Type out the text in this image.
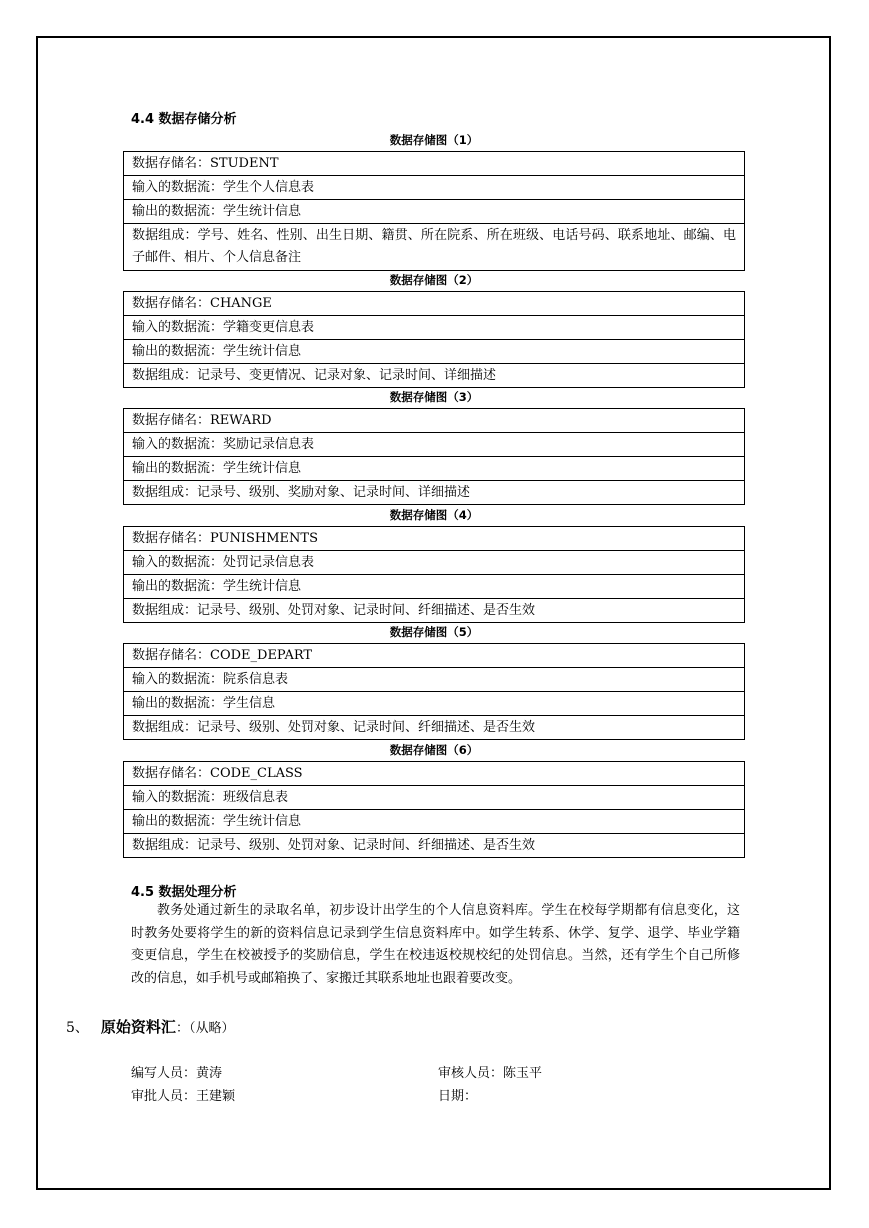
4.4 数据存储分析
数据存储图（1）
数据存储名：STUDENT
输入的数据流：学生个人信息表
输出的数据流：学生统计信息
数据组成：学号、姓名、性别、出生日期、籍贯、所在院系、所在班级、电话号码、联系地址、邮编、电子邮件、相片、个人信息备注
数据存储图（2）
数据存储名：CHANGE
输入的数据流：学籍变更信息表
输出的数据流：学生统计信息
数据组成：记录号、变更情况、记录对象、记录时间、详细描述
数据存储图（3）
数据存储名：REWARD
输入的数据流：奖励记录信息表
输出的数据流：学生统计信息
数据组成：记录号、级别、奖励对象、记录时间、详细描述
数据存储图（4）
数据存储名：PUNISHMENTS
输入的数据流：处罚记录信息表
输出的数据流：学生统计信息
数据组成：记录号、级别、处罚对象、记录时间、纤细描述、是否生效
数据存储图（5）
数据存储名：CODE_DEPART
输入的数据流：院系信息表
输出的数据流：学生信息
数据组成：记录号、级别、处罚对象、记录时间、纤细描述、是否生效
数据存储图（6）
数据存储名：CODE_CLASS
输入的数据流：班级信息表
输出的数据流：学生统计信息
数据组成：记录号、级别、处罚对象、记录时间、纤细描述、是否生效
4.5 数据处理分析
教务处通过新生的录取名单，初步设计出学生的个人信息资料库。学生在校每学期都有信息变化，这时教务处要将学生的新的资料信息记录到学生信息资料库中。如学生转系、休学、复学、退学、毕业学籍变更信息，学生在校被授予的奖励信息，学生在校违返校规校纪的处罚信息。当然，还有学生个自己所修改的信息，如手机号或邮箱换了、家搬迁其联系地址也跟着要改变。
5、 原始资料汇：（从略）
编写人员：黄涛	审核人员：陈玉平
审批人员：王建颖	日期：
